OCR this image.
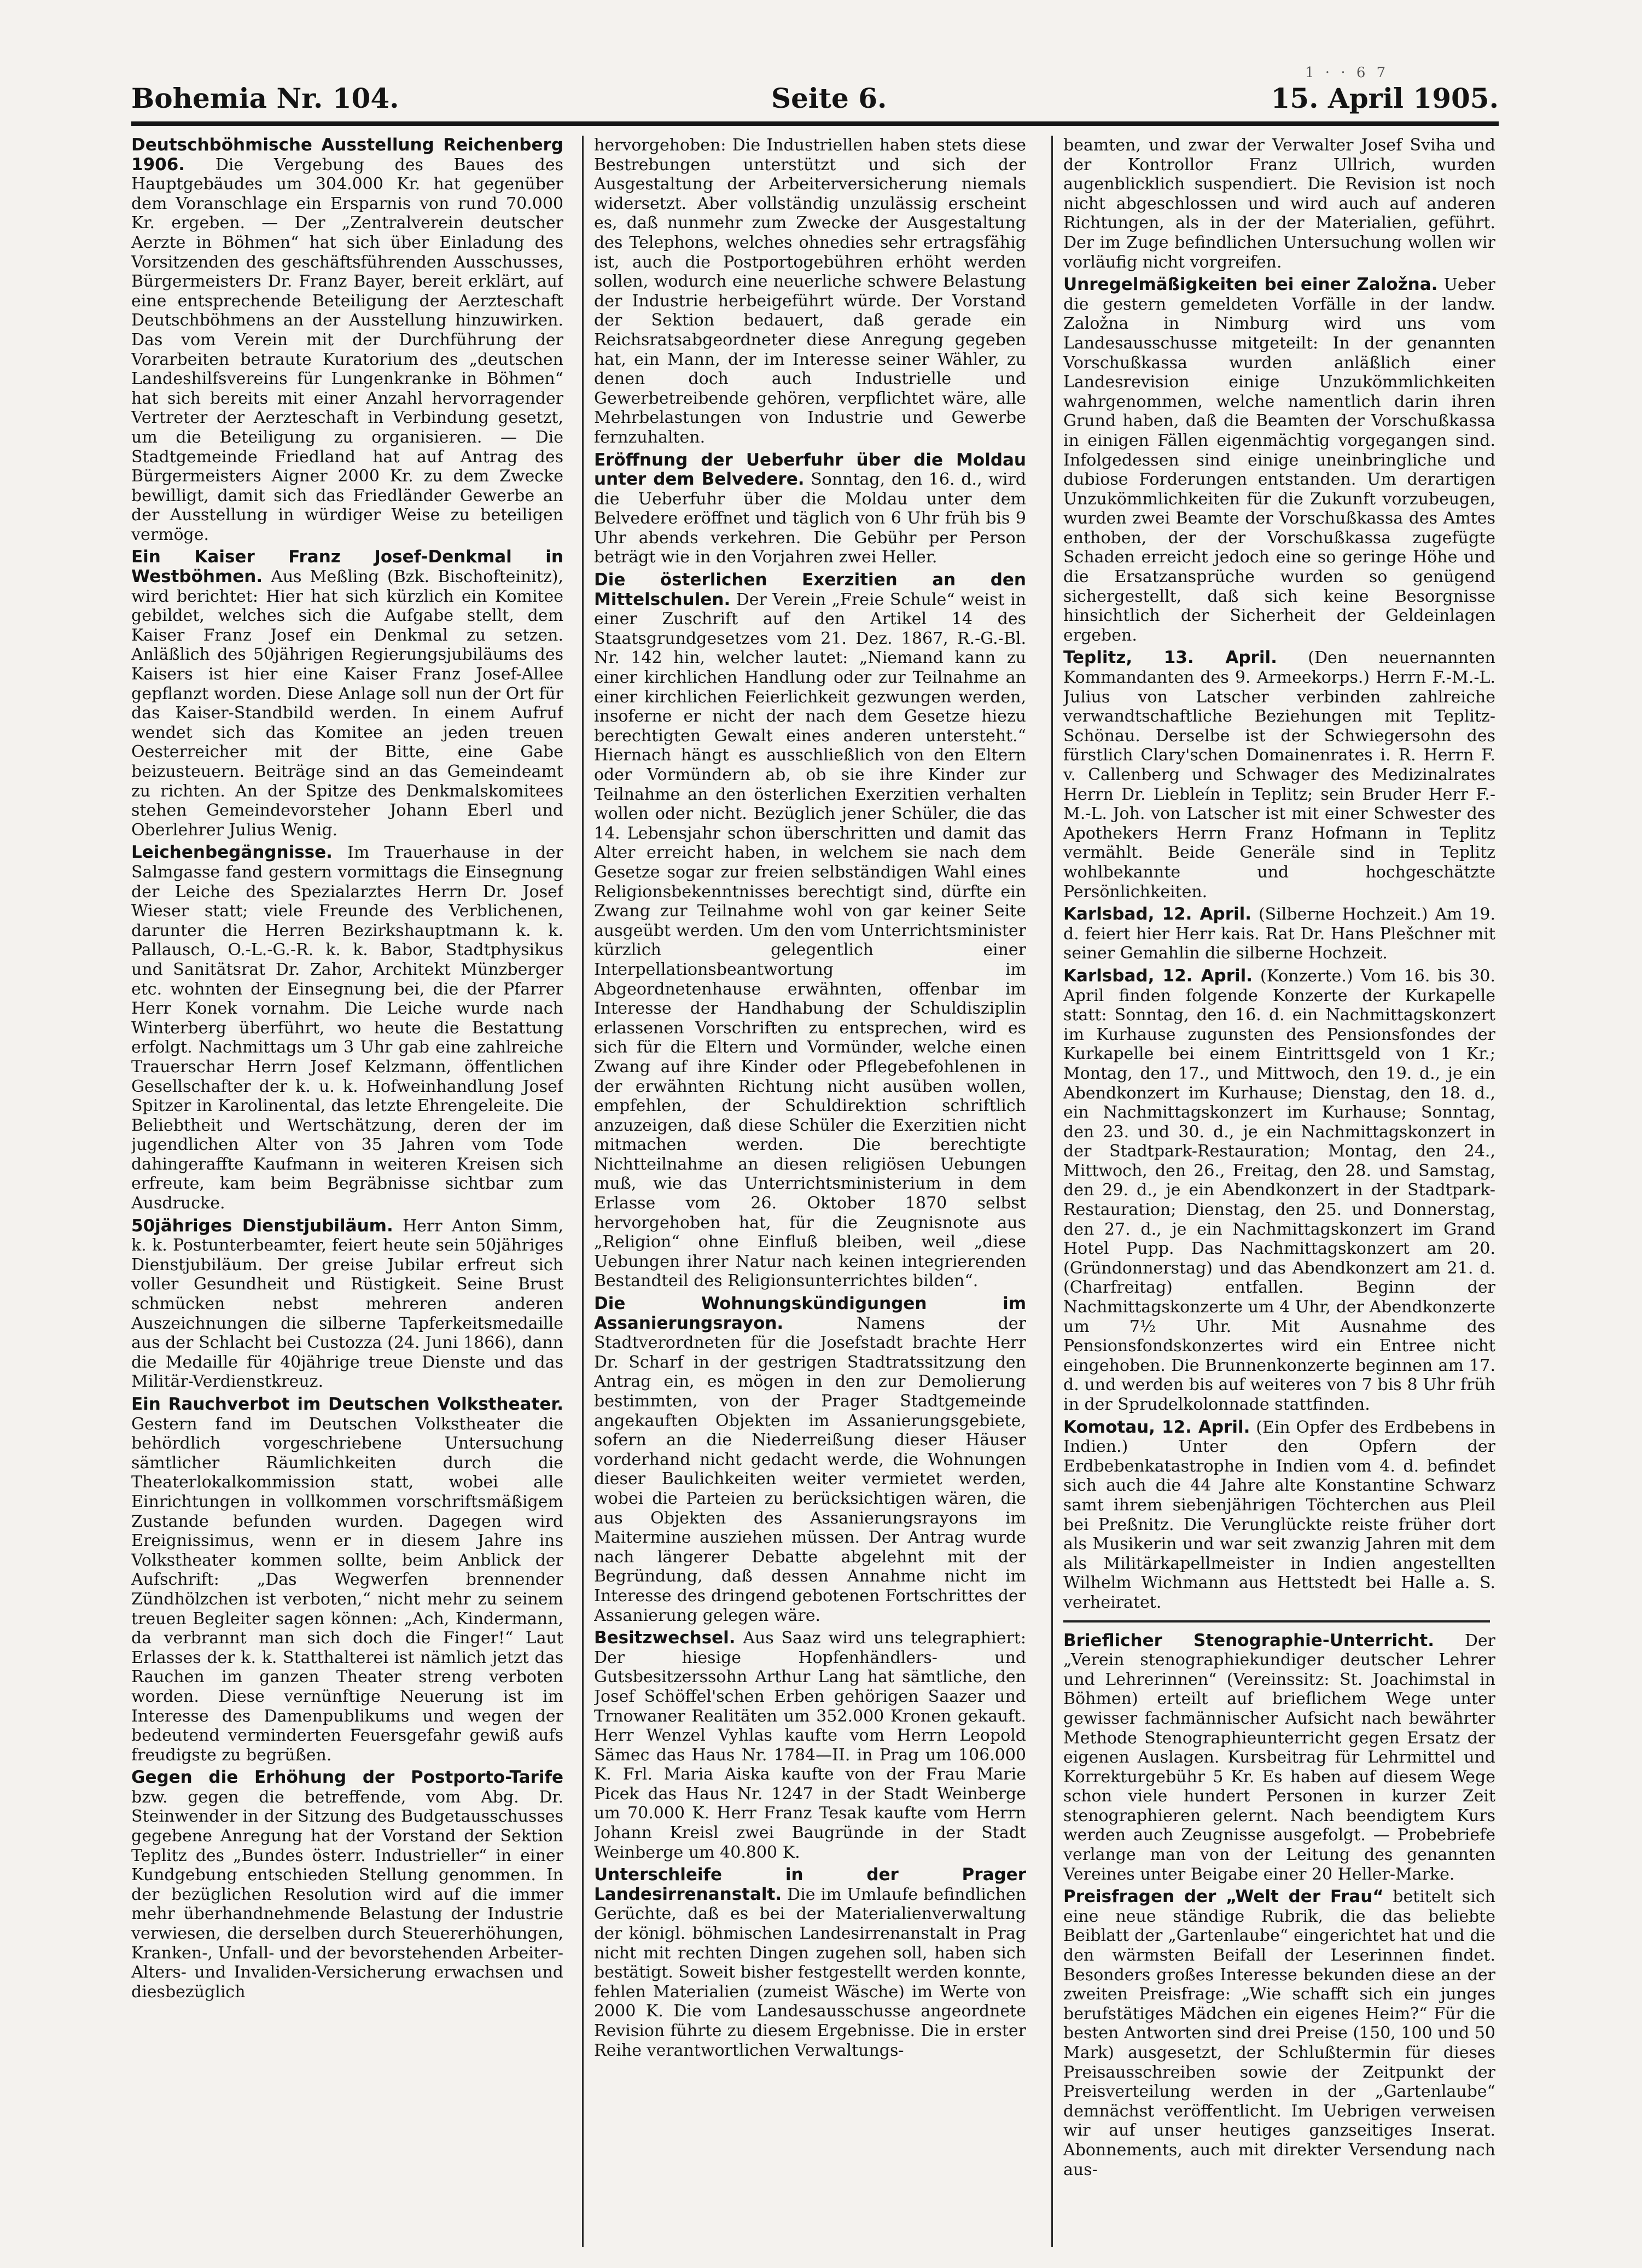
1 · · 6 7
Bohemia Nr. 104.	Seite 6.	15. April 1905.

Deutschböhmische Ausstellung Reichenberg 1906. Die Vergebung des Baues des Hauptgebäudes um 304.000 Kr. hat gegenüber dem Voranschlage ein Ersparnis von rund 70.000 Kr. ergeben. — Der „Zentralverein deutscher Aerzte in Böhmen“ hat sich über Einladung des Vorsitzenden des geschäftsführenden Ausschusses, Bürgermeisters Dr. Franz Bayer, bereit erklärt, auf eine entsprechende Beteiligung der Aerzteschaft Deutschböhmens an der Ausstellung hinzuwirken. Das vom Verein mit der Durchführung der Vorarbeiten betraute Kuratorium des „deutschen Landeshilfsvereins für Lungenkranke in Böhmen“ hat sich bereits mit einer Anzahl hervorragender Vertreter der Aerzteschaft in Verbindung gesetzt, um die Beteiligung zu organisieren. — Die Stadtgemeinde Friedland hat auf Antrag des Bürgermeisters Aigner 2000 Kr. zu dem Zwecke bewilligt, damit sich das Friedländer Gewerbe an der Ausstellung in würdiger Weise zu beteiligen vermöge.

Ein Kaiser Franz Josef-Denkmal in Westböhmen. Aus Meßling (Bzk. Bischofteinitz), wird berichtet: Hier hat sich kürzlich ein Komitee gebildet, welches sich die Aufgabe stellt, dem Kaiser Franz Josef ein Denkmal zu setzen. Anläßlich des 50jährigen Regierungsjubiläums des Kaisers ist hier eine Kaiser Franz Josef-Allee gepflanzt worden. Diese Anlage soll nun der Ort für das Kaiser-Standbild werden. In einem Aufruf wendet sich das Komitee an jeden treuen Oesterreicher mit der Bitte, eine Gabe beizusteuern. Beiträge sind an das Gemeindeamt zu richten. An der Spitze des Denkmalskomitees stehen Gemeindevorsteher Johann Eberl und Oberlehrer Julius Wenig.

Leichenbegängnisse. Im Trauerhause in der Salmgasse fand gestern vormittags die Einsegnung der Leiche des Spezialarztes Herrn Dr. Josef Wieser statt; viele Freunde des Verblichenen, darunter die Herren Bezirkshauptmann k. k. Pallausch, O.-L.-G.-R. k. k. Babor, Stadtphysikus und Sanitätsrat Dr. Zahor, Architekt Münzberger etc. wohnten der Einsegnung bei, die der Pfarrer Herr Konek vornahm. Die Leiche wurde nach Winterberg überführt, wo heute die Bestattung erfolgt. Nachmittags um 3 Uhr gab eine zahlreiche Trauerschar Herrn Josef Kelzmann, öffentlichen Gesellschafter der k. u. k. Hofweinhandlung Josef Spitzer in Karolinental, das letzte Ehrengeleite. Die Beliebtheit und Wertschätzung, deren der im jugendlichen Alter von 35 Jahren vom Tode dahingeraffte Kaufmann in weiteren Kreisen sich erfreute, kam beim Begräbnisse sichtbar zum Ausdrucke.

50jähriges Dienstjubiläum. Herr Anton Simm, k. k. Postunterbeamter, feiert heute sein 50jähriges Dienstjubiläum. Der greise Jubilar erfreut sich voller Gesundheit und Rüstigkeit. Seine Brust schmücken nebst mehreren anderen Auszeichnungen die silberne Tapferkeitsmedaille aus der Schlacht bei Custozza (24. Juni 1866), dann die Medaille für 40jährige treue Dienste und das Militär-Verdienstkreuz.

Ein Rauchverbot im Deutschen Volkstheater. Gestern fand im Deutschen Volkstheater die behördlich vorgeschriebene Untersuchung sämtlicher Räumlichkeiten durch die Theaterlokalkommission statt, wobei alle Einrichtungen in vollkommen vorschriftsmäßigem Zustande befunden wurden. Dagegen wird Ereignissimus, wenn er in diesem Jahre ins Volkstheater kommen sollte, beim Anblick der Aufschrift: „Das Wegwerfen brennender Zündhölzchen ist verboten,“ nicht mehr zu seinem treuen Begleiter sagen können: „Ach, Kindermann, da verbrannt man sich doch die Finger!“ Laut Erlasses der k. k. Statthalterei ist nämlich jetzt das Rauchen im ganzen Theater streng verboten worden. Diese vernünftige Neuerung ist im Interesse des Damenpublikums und wegen der bedeutend verminderten Feuersgefahr gewiß aufs freudigste zu begrüßen.

Gegen die Erhöhung der Postporto-Tarife bzw. gegen die betreffende, vom Abg. Dr. Steinwender in der Sitzung des Budgetausschusses gegebene Anregung hat der Vorstand der Sektion Teplitz des „Bundes österr. Industrieller“ in einer Kundgebung entschieden Stellung genommen. In der bezüglichen Resolution wird auf die immer mehr überhandnehmende Belastung der Industrie verwiesen, die derselben durch Steuererhöhungen, Kranken-, Unfall- und der bevorstehenden Arbeiter-Alters- und Invaliden-Versicherung erwachsen und diesbezüglich

hervorgehoben: Die Industriellen haben stets diese Bestrebungen unterstützt und sich der Ausgestaltung der Arbeiterversicherung niemals widersetzt. Aber vollständig unzulässig erscheint es, daß nunmehr zum Zwecke der Ausgestaltung des Telephons, welches ohnedies sehr ertragsfähig ist, auch die Postportogebühren erhöht werden sollen, wodurch eine neuerliche schwere Belastung der Industrie herbeigeführt würde. Der Vorstand der Sektion bedauert, daß gerade ein Reichsratsabgeordneter diese Anregung gegeben hat, ein Mann, der im Interesse seiner Wähler, zu denen doch auch Industrielle und Gewerbetreibende gehören, verpflichtet wäre, alle Mehrbelastungen von Industrie und Gewerbe fernzuhalten.

Eröffnung der Ueberfuhr über die Moldau unter dem Belvedere. Sonntag, den 16. d., wird die Ueberfuhr über die Moldau unter dem Belvedere eröffnet und täglich von 6 Uhr früh bis 9 Uhr abends verkehren. Die Gebühr per Person beträgt wie in den Vorjahren zwei Heller.

Die österlichen Exerzitien an den Mittelschulen. Der Verein „Freie Schule“ weist in einer Zuschrift auf den Artikel 14 des Staatsgrundgesetzes vom 21. Dez. 1867, R.-G.-Bl. Nr. 142 hin, welcher lautet: „Niemand kann zu einer kirchlichen Handlung oder zur Teilnahme an einer kirchlichen Feierlichkeit gezwungen werden, insoferne er nicht der nach dem Gesetze hiezu berechtigten Gewalt eines anderen untersteht.“ Hiernach hängt es ausschließlich von den Eltern oder Vormündern ab, ob sie ihre Kinder zur Teilnahme an den österlichen Exerzitien verhalten wollen oder nicht. Bezüglich jener Schüler, die das 14. Lebensjahr schon überschritten und damit das Alter erreicht haben, in welchem sie nach dem Gesetze sogar zur freien selbständigen Wahl eines Religionsbekenntnisses berechtigt sind, dürfte ein Zwang zur Teilnahme wohl von gar keiner Seite ausgeübt werden. Um den vom Unterrichtsminister kürzlich gelegentlich einer Interpellationsbeantwortung im Abgeordnetenhause erwähnten, offenbar im Interesse der Handhabung der Schuldisziplin erlassenen Vorschriften zu entsprechen, wird es sich für die Eltern und Vormünder, welche einen Zwang auf ihre Kinder oder Pflegebefohlenen in der erwähnten Richtung nicht ausüben wollen, empfehlen, der Schuldirektion schriftlich anzuzeigen, daß diese Schüler die Exerzitien nicht mitmachen werden. Die berechtigte Nichtteilnahme an diesen religiösen Uebungen muß, wie das Unterrichtsministerium in dem Erlasse vom 26. Oktober 1870 selbst hervorgehoben hat, für die Zeugnisnote aus „Religion“ ohne Einfluß bleiben, weil „diese Uebungen ihrer Natur nach keinen integrierenden Bestandteil des Religionsunterrichtes bilden“.

Die Wohnungskündigungen im Assanierungsrayon.	Namens der Stadtverordneten für die Josefstadt brachte Herr Dr. Scharf in der gestrigen Stadtratssitzung den Antrag ein, es mögen in den zur Demolierung bestimmten, von der Prager Stadtgemeinde angekauften Objekten im Assanierungsgebiete, sofern an die Niederreißung dieser Häuser vorderhand nicht gedacht werde, die Wohnungen dieser Baulichkeiten weiter vermietet werden, wobei die Parteien zu berücksichtigen wären, die aus Objekten des Assanierungsrayons im Maitermine ausziehen müssen. Der Antrag wurde nach längerer Debatte abgelehnt mit der Begründung, daß dessen Annahme nicht im Interesse des dringend gebotenen Fortschrittes der Assanierung gelegen wäre.

Besitzwechsel. Aus Saaz wird uns telegraphiert: Der hiesige Hopfenhändlers- und Gutsbesitzerssohn Arthur Lang hat sämtliche, den Josef Schöffel'schen Erben gehörigen Saazer und Trnowaner Realitäten um 352.000 Kronen gekauft. Herr Wenzel Vyhlas kaufte vom Herrn Leopold Sämec das Haus Nr. 1784—II. in Prag um 106.000 K. Frl. Maria Aiska kaufte von der Frau Marie Picek das Haus Nr. 1247 in der Stadt Weinberge um 70.000 K. Herr Franz Tesak kaufte vom Herrn Johann Kreisl zwei Baugründe in der Stadt Weinberge um 40.800 K.

Unterschleife in der Prager Landesirrenanstalt. Die im Umlaufe befindlichen Gerüchte, daß es bei der Materialienverwaltung der königl. böhmischen Landesirrenanstalt in Prag nicht mit rechten Dingen zugehen soll, haben sich bestätigt. Soweit bisher festgestellt werden konnte, fehlen Materialien (zumeist Wäsche) im Werte von 2000 K. Die vom Landesausschusse angeordnete Revision führte zu diesem Ergebnisse. Die in erster Reihe verantwortlichen Verwaltungs-

beamten, und zwar der Verwalter Josef Sviha und der Kontrollor Franz Ullrich, wurden augenblicklich suspendiert. Die Revision ist noch nicht abgeschlossen und wird auch auf anderen Richtungen, als in der der Materialien, geführt. Der im Zuge befindlichen Untersuchung wollen wir vorläufig nicht vorgreifen.

Unregelmäßigkeiten bei einer Založna. Ueber die gestern gemeldeten Vorfälle in der landw. Založna in Nimburg wird uns vom Landesausschusse mitgeteilt: In der genannten Vorschußkassa wurden anläßlich einer Landesrevision einige Unzukömmlichkeiten wahrgenommen, welche namentlich darin ihren Grund haben, daß die Beamten der Vorschußkassa in einigen Fällen eigenmächtig vorgegangen sind. Infolgedessen sind einige uneinbringliche und dubiose Forderungen entstanden. Um derartigen Unzukömmlichkeiten für die Zukunft vorzubeugen, wurden zwei Beamte der Vorschußkassa des Amtes enthoben, der der Vorschußkassa zugefügte Schaden erreicht jedoch eine so geringe Höhe und die Ersatzansprüche wurden so genügend sichergestellt, daß sich keine Besorgnisse hinsichtlich der Sicherheit der Geldeinlagen ergeben.

Teplitz, 13. April. (Den neuernannten Kommandanten des 9. Armeekorps.) Herrn F.-M.-L. Julius von Latscher verbinden zahlreiche verwandtschaftliche Beziehungen mit Teplitz-Schönau. Derselbe ist der Schwiegersohn des fürstlich Clary'schen Domainenrates i. R. Herrn F. v. Callenberg und Schwager des Medizinalrates Herrn Dr. Liebleín in Teplitz; sein Bruder Herr F.-M.-L. Joh. von Latscher ist mit einer Schwester des Apothekers Herrn Franz Hofmann in Teplitz vermählt. Beide Generäle sind in Teplitz wohlbekannte und hochgeschätzte Persönlichkeiten.

Karlsbad, 12. April. (Silberne Hochzeit.) Am 19. d. feiert hier Herr kais. Rat Dr. Hans Plešchner mit seiner Gemahlin die silberne Hochzeit.

Karlsbad, 12. April. (Konzerte.) Vom 16. bis 30. April finden folgende Konzerte der Kurkapelle statt: Sonntag, den 16. d. ein Nachmittagskonzert im Kurhause zugunsten des Pensionsfondes der Kurkapelle bei einem Eintrittsgeld von 1 Kr.; Montag, den 17., und Mittwoch, den 19. d., je ein Abendkonzert im Kurhause; Dienstag, den 18. d., ein Nachmittagskonzert im Kurhause; Sonntag, den 23. und 30. d., je ein Nachmittagskonzert in der Stadtpark-Restauration; Montag, den 24., Mittwoch, den 26., Freitag, den 28. und Samstag, den 29. d., je ein Abendkonzert in der Stadtpark-Restauration; Dienstag, den 25. und Donnerstag, den 27. d., je ein Nachmittagskonzert im Grand Hotel Pupp. Das Nachmittagskonzert am 20. (Gründonnerstag) und das Abendkonzert am 21. d. (Charfreitag) entfallen. Beginn der Nachmittagskonzerte um 4 Uhr, der Abendkonzerte um 7½ Uhr. Mit Ausnahme des Pensionsfondskonzertes wird ein Entree nicht eingehoben. Die Brunnenkonzerte beginnen am 17. d. und werden bis auf weiteres von 7 bis 8 Uhr früh in der Sprudelkolonnade stattfinden.

Komotau, 12. April. (Ein Opfer des Erdbebens in Indien.) Unter den Opfern der Erdbebenkatastrophe in Indien vom 4. d. befindet sich auch die 44 Jahre alte Konstantine Schwarz samt ihrem siebenjährigen Töchterchen aus Pleil bei Preßnitz. Die Verunglückte reiste früher dort als Musikerin und war seit zwanzig Jahren mit dem als Militärkapellmeister in Indien angestellten Wilhelm Wichmann aus Hettstedt bei Halle a. S. verheiratet.

Brieflicher Stenographie-Unterricht. Der „Verein stenographiekundiger deutscher Lehrer und Lehrerinnen“ (Vereinssitz: St. Joachimstal in Böhmen) erteilt auf brieflichem Wege unter gewisser fachmännischer Aufsicht nach bewährter Methode Stenographieunterricht gegen Ersatz der eigenen Auslagen. Kursbeitrag für Lehrmittel und Korrekturgebühr 5 Kr. Es haben auf diesem Wege schon viele hundert Personen in kurzer Zeit stenographieren gelernt. Nach beendigtem Kurs werden auch Zeugnisse ausgefolgt. — Probebriefe verlange man von der Leitung des genannten Vereines unter Beigabe einer 20 Heller-Marke.

Preisfragen der „Welt der Frau“ betitelt sich eine neue ständige Rubrik, die das beliebte Beiblatt der „Gartenlaube“ eingerichtet hat und die den wärmsten Beifall der Leserinnen findet. Besonders großes Interesse bekunden diese an der zweiten Preisfrage: „Wie schafft sich ein junges berufstätiges Mädchen ein eigenes Heim?“ Für die besten Antworten sind drei Preise (150, 100 und 50 Mark) ausgesetzt, der Schlußtermin für dieses Preisausschreiben sowie der Zeitpunkt der Preisverteilung werden in der „Gartenlaube“ demnächst veröffentlicht. Im Uebrigen verweisen wir auf unser heutiges ganzseitiges Inserat. Abonnements, auch mit direkter Versendung nach aus-
